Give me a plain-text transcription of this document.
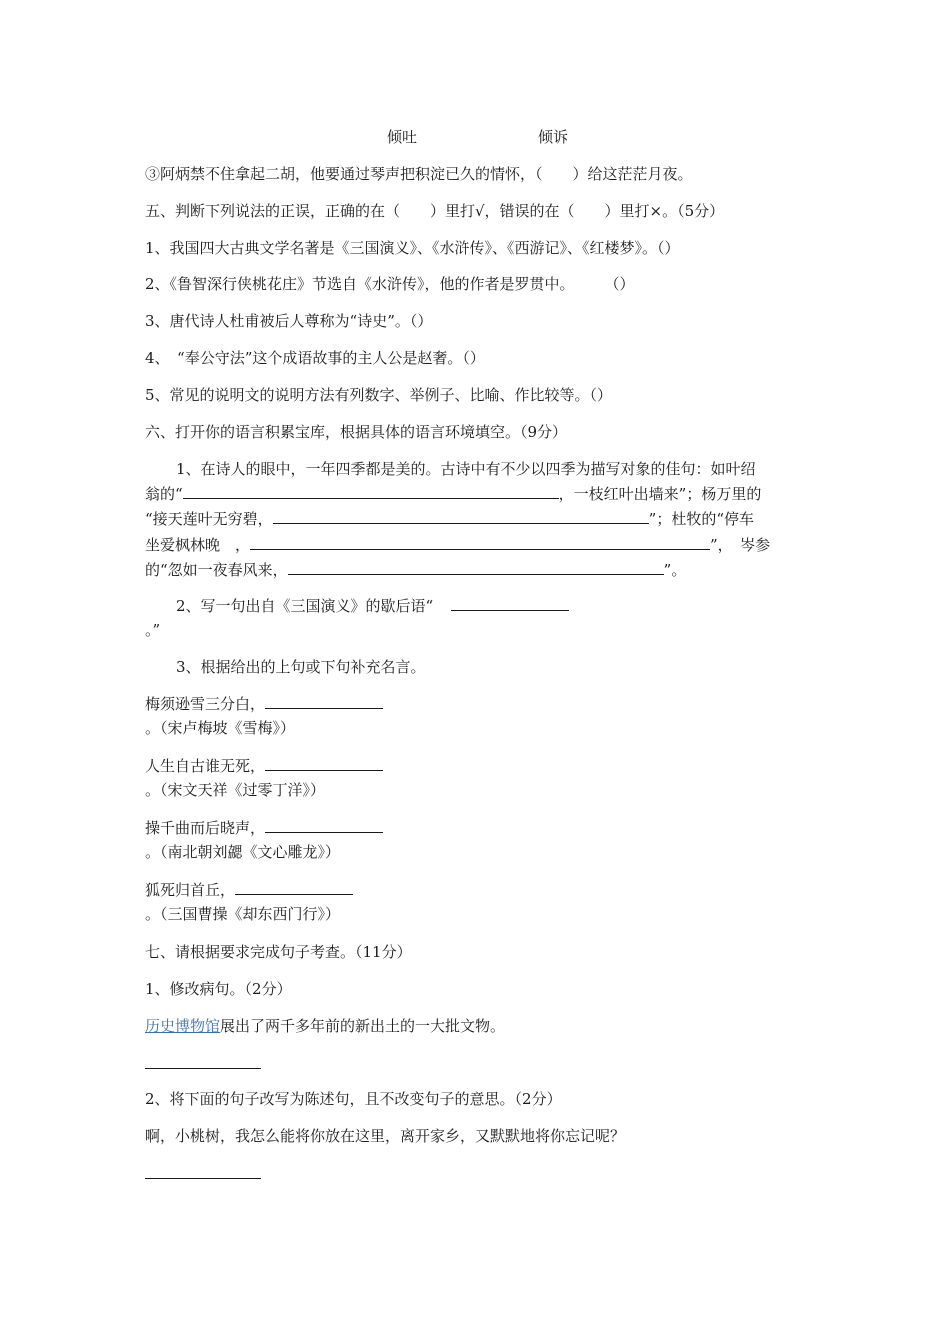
倾吐	倾诉
③阿炳禁不住拿起二胡，他要通过琴声把积淀已久的情怀，（　　）给这茫茫月夜。
五、判断下列说法的正误，正确的在（　　）里打√，错误的在（　　）里打×。（5分）
1、我国四大古典文学名著是《三国演义》、《水浒传》、《西游记》、《红楼梦》。（）
2、《鲁智深行侠桃花庄》节选自《水浒传》，他的作者是罗贯中。　　　（）
3、唐代诗人杜甫被后人尊称为“诗史”。（）
4、　“奉公守法”这个成语故事的主人公是赵奢。（）
5、常见的说明文的说明方法有列数字、举例子、比喻、作比较等。（）
六、打开你的语言积累宝库，根据具体的语言环境填空。（9分）
1、在诗人的眼中，一年四季都是美的。古诗中有不少以四季为描写对象的佳句：如叶绍
翁的“	，一枝红叶出墙来”；杨万里的
“接天莲叶无穷碧，	”；杜牧的“停车
坐爱枫林晚　，	”，　岑参
的“忽如一夜春风来，	”。
2、写一句出自《三国演义》的歇后语“
。”
3、根据给出的上句或下句补充名言。
梅须逊雪三分白，
。（宋卢梅坡《雪梅》）
人生自古谁无死，
。（宋文天祥《过零丁洋》）
操千曲而后晓声，
。（南北朝刘勰《文心雕龙》）
狐死归首丘，
。（三国曹操《却东西门行》）
七、请根据要求完成句子考查。（11分）
1、修改病句。（2分）
历史博物馆展出了两千多年前的新出土的一大批文物。
2、将下面的句子改写为陈述句，且不改变句子的意思。（2分）
啊，小桃树，我怎么能将你放在这里，离开家乡，又默默地将你忘记呢？
